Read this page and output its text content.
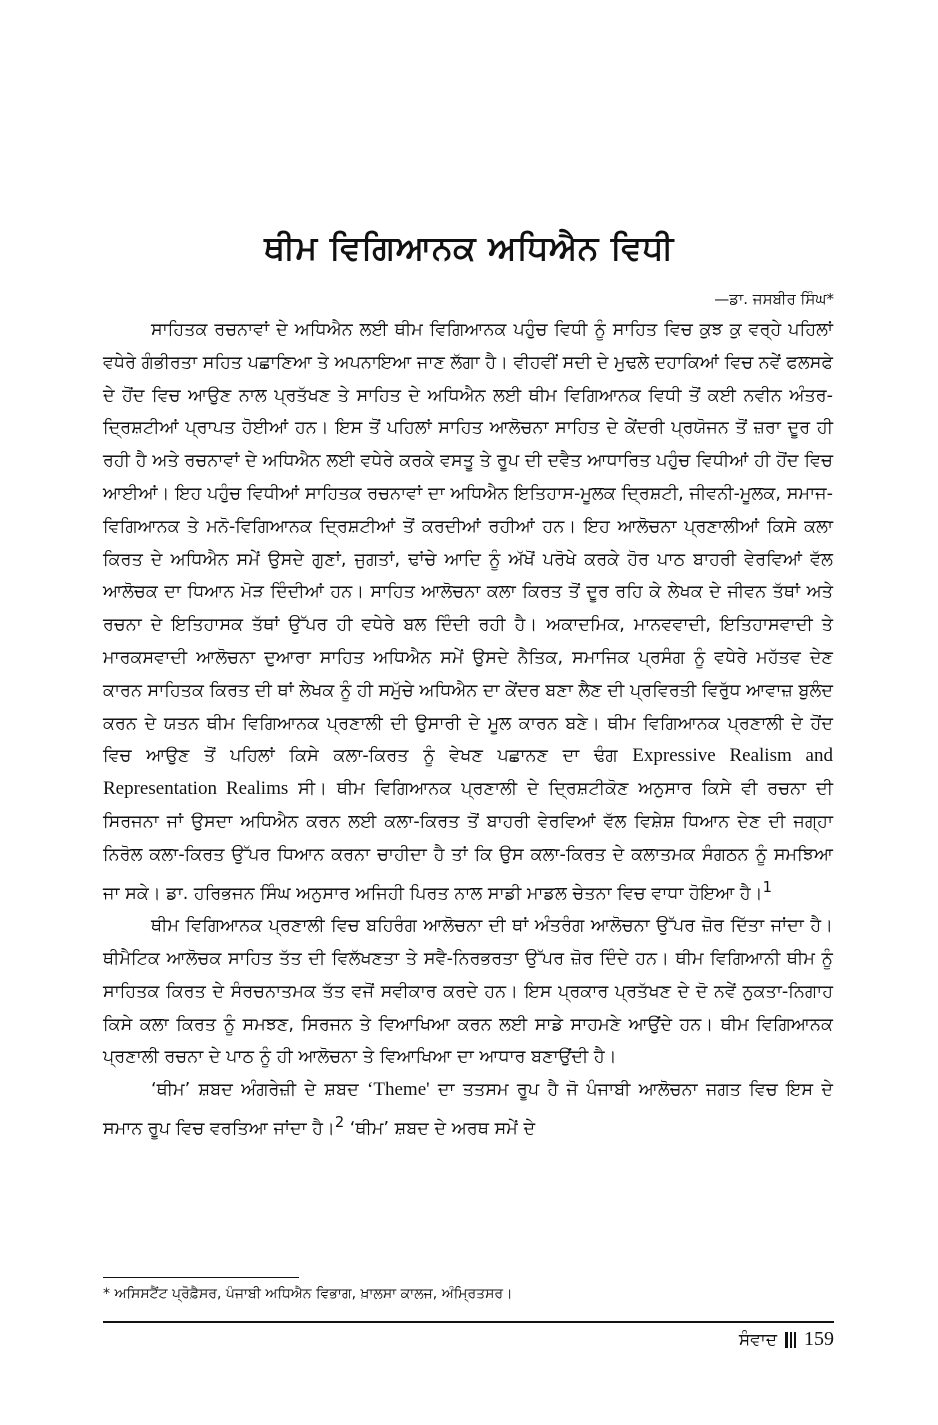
ਥੀਮ ਵਿਗਿਆਨਕ ਅਧਿਐਨ ਵਿਧੀ
—ਡਾ. ਜਸਬੀਰ ਸਿੰਘ*

ਸਾਹਿਤਕ ਰਚਨਾਵਾਂ ਦੇ ਅਧਿਐਨ ਲਈ ਥੀਮ ਵਿਗਿਆਨਕ ਪਹੁੰਚ ਵਿਧੀ ਨੂੰ ਸਾਹਿਤ ਵਿਚ ਕੁਝ ਕੁ ਵਰ੍ਹੇ ਪਹਿਲਾਂ ਵਧੇਰੇ ਗੰਭੀਰਤਾ ਸਹਿਤ ਪਛਾਣਿਆ ਤੇ ਅਪਨਾਇਆ ਜਾਣ ਲੱਗਾ ਹੈ। ਵੀਹਵੀਂ ਸਦੀ ਦੇ ਮੁਢਲੇ ਦਹਾਕਿਆਂ ਵਿਚ ਨਵੇਂ ਫਲਸਫੇ ਦੇ ਹੋਂਦ ਵਿਚ ਆਉਣ ਨਾਲ ਪ੍ਰਤੱਖਣ ਤੇ ਸਾਹਿਤ ਦੇ ਅਧਿਐਨ ਲਈ ਥੀਮ ਵਿਗਿਆਨਕ ਵਿਧੀ ਤੋਂ ਕਈ ਨਵੀਨ ਅੰਤਰ-ਦ੍ਰਿਸ਼ਟੀਆਂ ਪ੍ਰਾਪਤ ਹੋਈਆਂ ਹਨ। ਇਸ ਤੋਂ ਪਹਿਲਾਂ ਸਾਹਿਤ ਆਲੋਚਨਾ ਸਾਹਿਤ ਦੇ ਕੇਂਦਰੀ ਪ੍ਰਯੋਜਨ ਤੋਂ ਜ਼ਰਾ ਦੂਰ ਹੀ ਰਹੀ ਹੈ ਅਤੇ ਰਚਨਾਵਾਂ ਦੇ ਅਧਿਐਨ ਲਈ ਵਧੇਰੇ ਕਰਕੇ ਵਸਤੂ ਤੇ ਰੂਪ ਦੀ ਦਵੈਤ ਆਧਾਰਿਤ ਪਹੁੰਚ ਵਿਧੀਆਂ ਹੀ ਹੋਂਦ ਵਿਚ ਆਈਆਂ। ਇਹ ਪਹੁੰਚ ਵਿਧੀਆਂ ਸਾਹਿਤਕ ਰਚਨਾਵਾਂ ਦਾ ਅਧਿਐਨ ਇਤਿਹਾਸ-ਮੂਲਕ ਦ੍ਰਿਸ਼ਟੀ, ਜੀਵਨੀ-ਮੂਲਕ, ਸਮਾਜ-ਵਿਗਿਆਨਕ ਤੇ ਮਨੋ-ਵਿਗਿਆਨਕ ਦ੍ਰਿਸ਼ਟੀਆਂ ਤੋਂ ਕਰਦੀਆਂ ਰਹੀਆਂ ਹਨ। ਇਹ ਆਲੋਚਨਾ ਪ੍ਰਣਾਲੀਆਂ ਕਿਸੇ ਕਲਾ ਕਿਰਤ ਦੇ ਅਧਿਐਨ ਸਮੇਂ ਉਸਦੇ ਗੁਣਾਂ, ਜੁਗਤਾਂ, ਢਾਂਚੇ ਆਦਿ ਨੂੰ ਅੱਖੋਂ ਪਰੋਖੇ ਕਰਕੇ ਹੋਰ ਪਾਠ ਬਾਹਰੀ ਵੇਰਵਿਆਂ ਵੱਲ ਆਲੋਚਕ ਦਾ ਧਿਆਨ ਮੋੜ ਦਿੰਦੀਆਂ ਹਨ। ਸਾਹਿਤ ਆਲੋਚਨਾ ਕਲਾ ਕਿਰਤ ਤੋਂ ਦੂਰ ਰਹਿ ਕੇ ਲੇਖਕ ਦੇ ਜੀਵਨ ਤੱਥਾਂ ਅਤੇ ਰਚਨਾ ਦੇ ਇਤਿਹਾਸਕ ਤੱਥਾਂ ਉੱਪਰ ਹੀ ਵਧੇਰੇ ਬਲ ਦਿੰਦੀ ਰਹੀ ਹੈ। ਅਕਾਦਮਿਕ, ਮਾਨਵਵਾਦੀ, ਇਤਿਹਾਸਵਾਦੀ ਤੇ ਮਾਰਕਸਵਾਦੀ ਆਲੋਚਨਾ ਦੁਆਰਾ ਸਾਹਿਤ ਅਧਿਐਨ ਸਮੇਂ ਉਸਦੇ ਨੈਤਿਕ, ਸਮਾਜਿਕ ਪ੍ਰਸੰਗ ਨੂੰ ਵਧੇਰੇ ਮਹੱਤਵ ਦੇਣ ਕਾਰਨ ਸਾਹਿਤਕ ਕਿਰਤ ਦੀ ਥਾਂ ਲੇਖਕ ਨੂੰ ਹੀ ਸਮੁੱਚੇ ਅਧਿਐਨ ਦਾ ਕੇਂਦਰ ਬਣਾ ਲੈਣ ਦੀ ਪ੍ਰਵਿਰਤੀ ਵਿਰੁੱਧ ਆਵਾਜ਼ ਬੁਲੰਦ ਕਰਨ ਦੇ ਯਤਨ ਥੀਮ ਵਿਗਿਆਨਕ ਪ੍ਰਣਾਲੀ ਦੀ ਉਸਾਰੀ ਦੇ ਮੂਲ ਕਾਰਨ ਬਣੇ। ਥੀਮ ਵਿਗਿਆਨਕ ਪ੍ਰਣਾਲੀ ਦੇ ਹੋਂਦ ਵਿਚ ਆਉਣ ਤੋਂ ਪਹਿਲਾਂ ਕਿਸੇ ਕਲਾ-ਕਿਰਤ ਨੂੰ ਵੇਖਣ ਪਛਾਨਣ ਦਾ ਢੰਗ Expressive Realism and Representation Realims ਸੀ। ਥੀਮ ਵਿਗਿਆਨਕ ਪ੍ਰਣਾਲੀ ਦੇ ਦ੍ਰਿਸ਼ਟੀਕੋਣ ਅਨੁਸਾਰ ਕਿਸੇ ਵੀ ਰਚਨਾ ਦੀ ਸਿਰਜਨਾ ਜਾਂ ਉਸਦਾ ਅਧਿਐਨ ਕਰਨ ਲਈ ਕਲਾ-ਕਿਰਤ ਤੋਂ ਬਾਹਰੀ ਵੇਰਵਿਆਂ ਵੱਲ ਵਿਸ਼ੇਸ਼ ਧਿਆਨ ਦੇਣ ਦੀ ਜਗ੍ਹਾ ਨਿਰੋਲ ਕਲਾ-ਕਿਰਤ ਉੱਪਰ ਧਿਆਨ ਕਰਨਾ ਚਾਹੀਦਾ ਹੈ ਤਾਂ ਕਿ ਉਸ ਕਲਾ-ਕਿਰਤ ਦੇ ਕਲਾਤਮਕ ਸੰਗਠਨ ਨੂੰ ਸਮਝਿਆ ਜਾ ਸਕੇ। ਡਾ. ਹਰਿਭਜਨ ਸਿੰਘ ਅਨੁਸਾਰ ਅਜਿਹੀ ਪਿਰਤ ਨਾਲ ਸਾਡੀ ਮਾਡਲ ਚੇਤਨਾ ਵਿਚ ਵਾਧਾ ਹੋਇਆ ਹੈ।$^1$

ਥੀਮ ਵਿਗਿਆਨਕ ਪ੍ਰਣਾਲੀ ਵਿਚ ਬਹਿਰੰਗ ਆਲੋਚਨਾ ਦੀ ਥਾਂ ਅੰਤਰੰਗ ਆਲੋਚਨਾ ਉੱਪਰ ਜ਼ੋਰ ਦਿੱਤਾ ਜਾਂਦਾ ਹੈ। ਥੀਮੈਟਿਕ ਆਲੋਚਕ ਸਾਹਿਤ ਤੱਤ ਦੀ ਵਿਲੱਖਣਤਾ ਤੇ ਸਵੈ-ਨਿਰਭਰਤਾ ਉੱਪਰ ਜ਼ੋਰ ਦਿੰਦੇ ਹਨ। ਥੀਮ ਵਿਗਿਆਨੀ ਥੀਮ ਨੂੰ ਸਾਹਿਤਕ ਕਿਰਤ ਦੇ ਸੰਰਚਨਾਤਮਕ ਤੱਤ ਵਜੋਂ ਸਵੀਕਾਰ ਕਰਦੇ ਹਨ। ਇਸ ਪ੍ਰਕਾਰ ਪ੍ਰਤੱਖਣ ਦੇ ਦੋ ਨਵੇਂ ਨੁਕਤਾ-ਨਿਗਾਹ ਕਿਸੇ ਕਲਾ ਕਿਰਤ ਨੂੰ ਸਮਝਣ, ਸਿਰਜਨ ਤੇ ਵਿਆਖਿਆ ਕਰਨ ਲਈ ਸਾਡੇ ਸਾਹਮਣੇ ਆਉਂਦੇ ਹਨ। ਥੀਮ ਵਿਗਿਆਨਕ ਪ੍ਰਣਾਲੀ ਰਚਨਾ ਦੇ ਪਾਠ ਨੂੰ ਹੀ ਆਲੋਚਨਾ ਤੇ ਵਿਆਖਿਆ ਦਾ ਆਧਾਰ ਬਣਾਉਂਦੀ ਹੈ।

‘ਥੀਮ’ ਸ਼ਬਦ ਅੰਗਰੇਜ਼ੀ ਦੇ ਸ਼ਬਦ ‘Theme' ਦਾ ਤਤਸਮ ਰੂਪ ਹੈ ਜੋ ਪੰਜਾਬੀ ਆਲੋਚਨਾ ਜਗਤ ਵਿਚ ਇਸ ਦੇ ਸਮਾਨ ਰੂਪ ਵਿਚ ਵਰਤਿਆ ਜਾਂਦਾ ਹੈ।$^2$ ‘ਥੀਮ’ ਸ਼ਬਦ ਦੇ ਅਰਥ ਸਮੇਂ ਦੇ

* ਅਸਿਸਟੈਂਟ ਪ੍ਰੋਫ਼ੈਸਰ, ਪੰਜਾਬੀ ਅਧਿਐਨ ਵਿਭਾਗ, ਖ਼ਾਲਸਾ ਕਾਲਜ, ਅੰਮ੍ਰਿਤਸਰ।
ਸੰਵਾਦ 159
